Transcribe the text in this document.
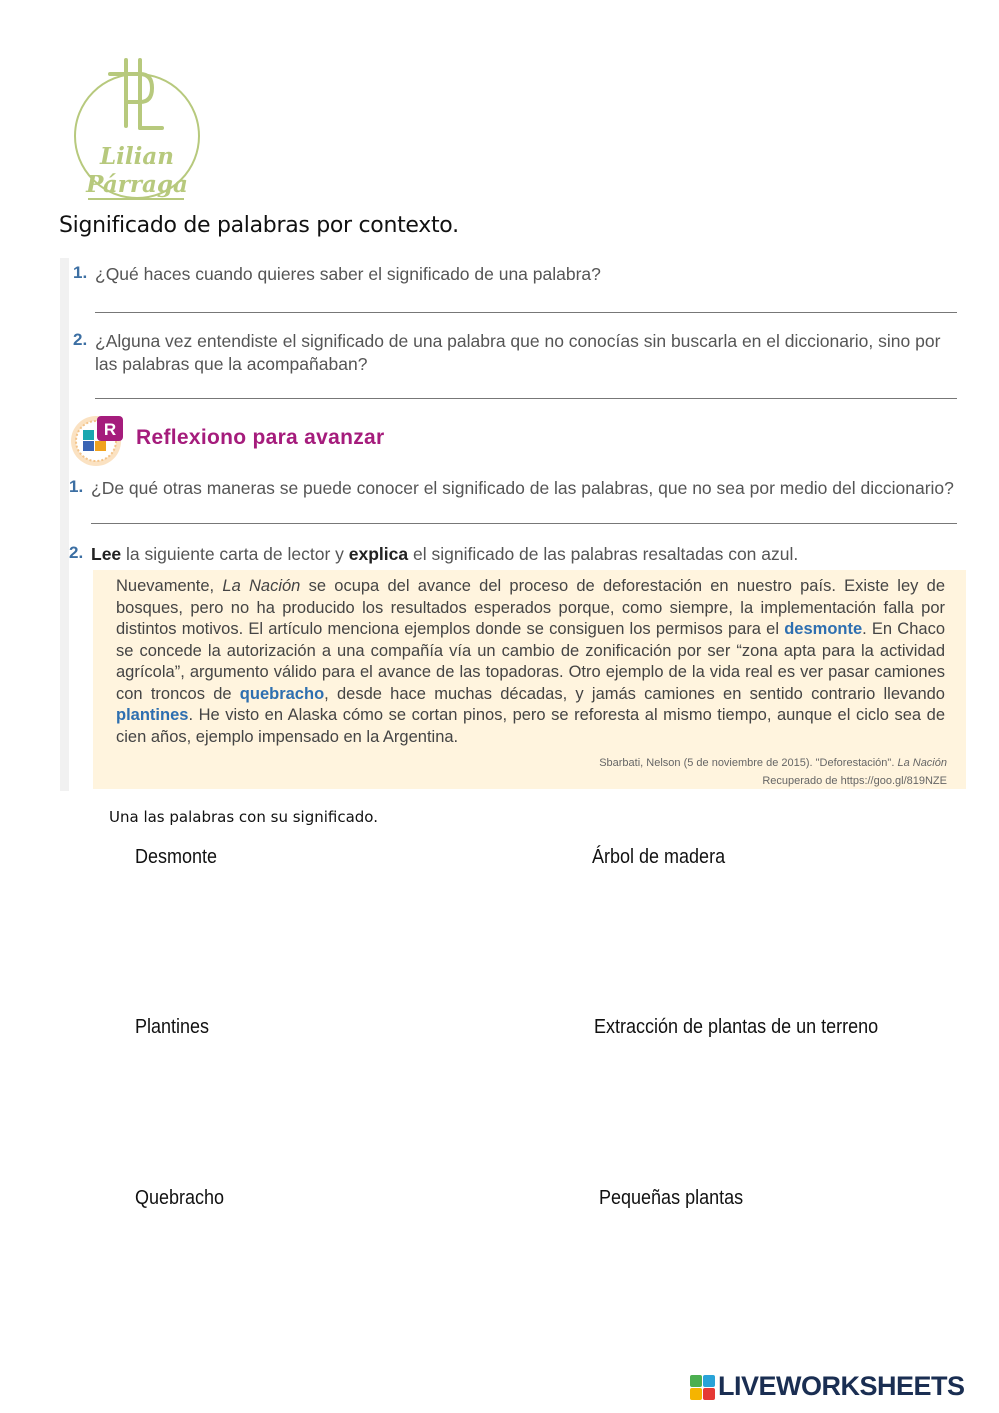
Lilian
Párraga
Significado de palabras por contexto.
1. ¿Qué haces cuando quieres saber el significado de una palabra?
2. ¿Alguna vez entendiste el significado de una palabra que no conocías sin buscarla en el diccionario, sino por
las palabras que la acompañaban?
R Reflexiono para avanzar
1. ¿De qué otras maneras se puede conocer el significado de las palabras, que no sea por medio del diccionario?
2. Lee la siguiente carta de lector y explica el significado de las palabras resaltadas con azul.
Nuevamente, La Nación se ocupa del avance del proceso de deforestación en nuestro país. Existe ley de bosques, pero no ha producido los resultados esperados porque, como siempre, la implementación falla por distintos motivos. El artículo menciona ejemplos donde se consiguen los permisos para el desmonte. En Chaco se concede la autorización a una compañía vía un cambio de zonificación por ser “zona apta para la actividad agrícola”, argumento válido para el avance de las topadoras. Otro ejemplo de la vida real es ver pasar camiones con troncos de quebracho, desde hace muchas décadas, y jamás camiones en sentido contrario llevando plantines. He visto en Alaska cómo se cortan pinos, pero se reforesta al mismo tiempo, aunque el ciclo sea de cien años, ejemplo impensado en la Argentina.
Sbarbati, Nelson (5 de noviembre de 2015). "Deforestación". La Nación
Recuperado de https://goo.gl/819NZE
Una las palabras con su significado.
Desmonte	Árbol de madera
Plantines	Extracción de plantas de un terreno
Quebracho	Pequeñas plantas
LIVEWORKSHEETS
